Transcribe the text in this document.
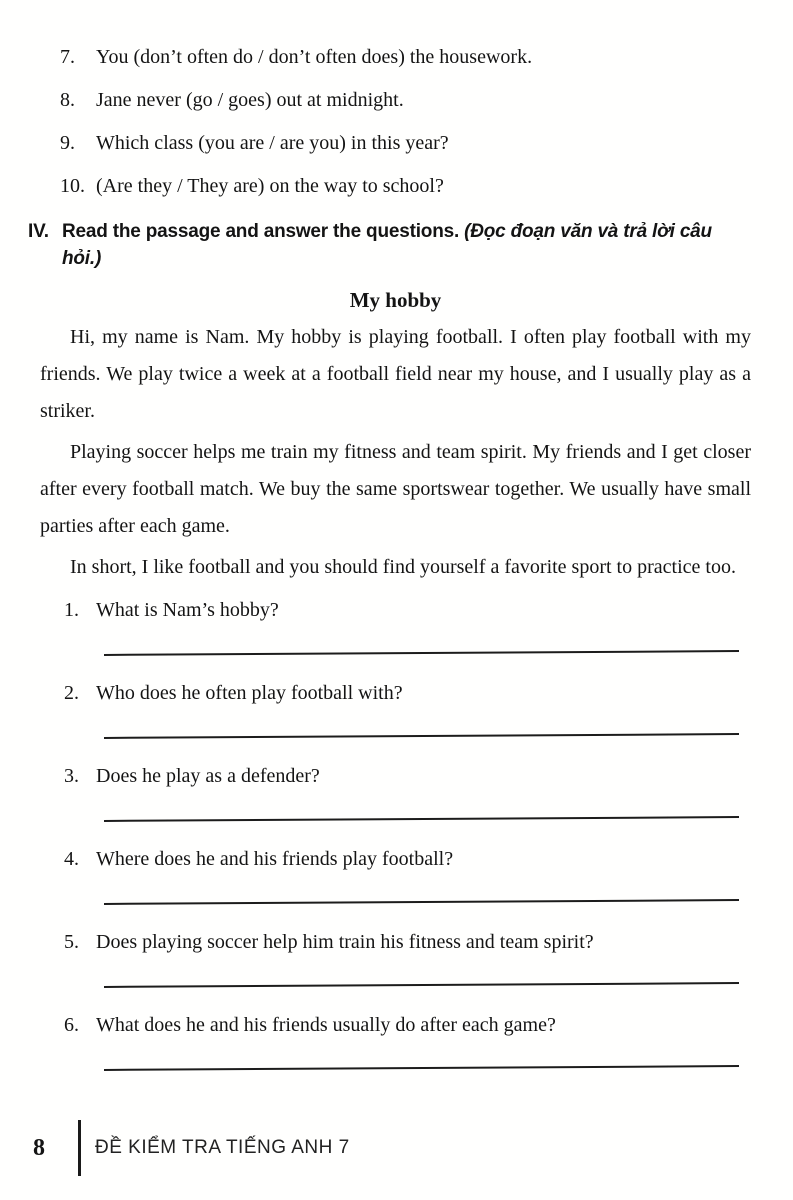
7.	You (don’t often do / don’t often does) the housework.
8.	Jane never (go / goes) out at midnight.
9.	Which class (you are / are you) in this year?
10. (Are they / They are) on the way to school?
IV. Read the passage and answer the questions. (Đọc đoạn văn và trả lời câu hỏi.)
My hobby

Hi, my name is Nam. My hobby is playing football. I often play football with my friends. We play twice a week at a football field near my house, and I usually play as a striker.

Playing soccer helps me train my fitness and team spirit. My friends and I get closer after every football match. We buy the same sportswear together. We usually have small parties after each game.

In short, I like football and you should find yourself a favorite sport to practice too.

1. What is Nam’s hobby?
2. Who does he often play football with?
3. Does he play as a defender?
4. Where does he and his friends play football?
5. Does playing soccer help him train his fitness and team spirit?
6. What does he and his friends usually do after each game?
8	ĐỀ KIỂM TRA TIẾNG ANH 7
